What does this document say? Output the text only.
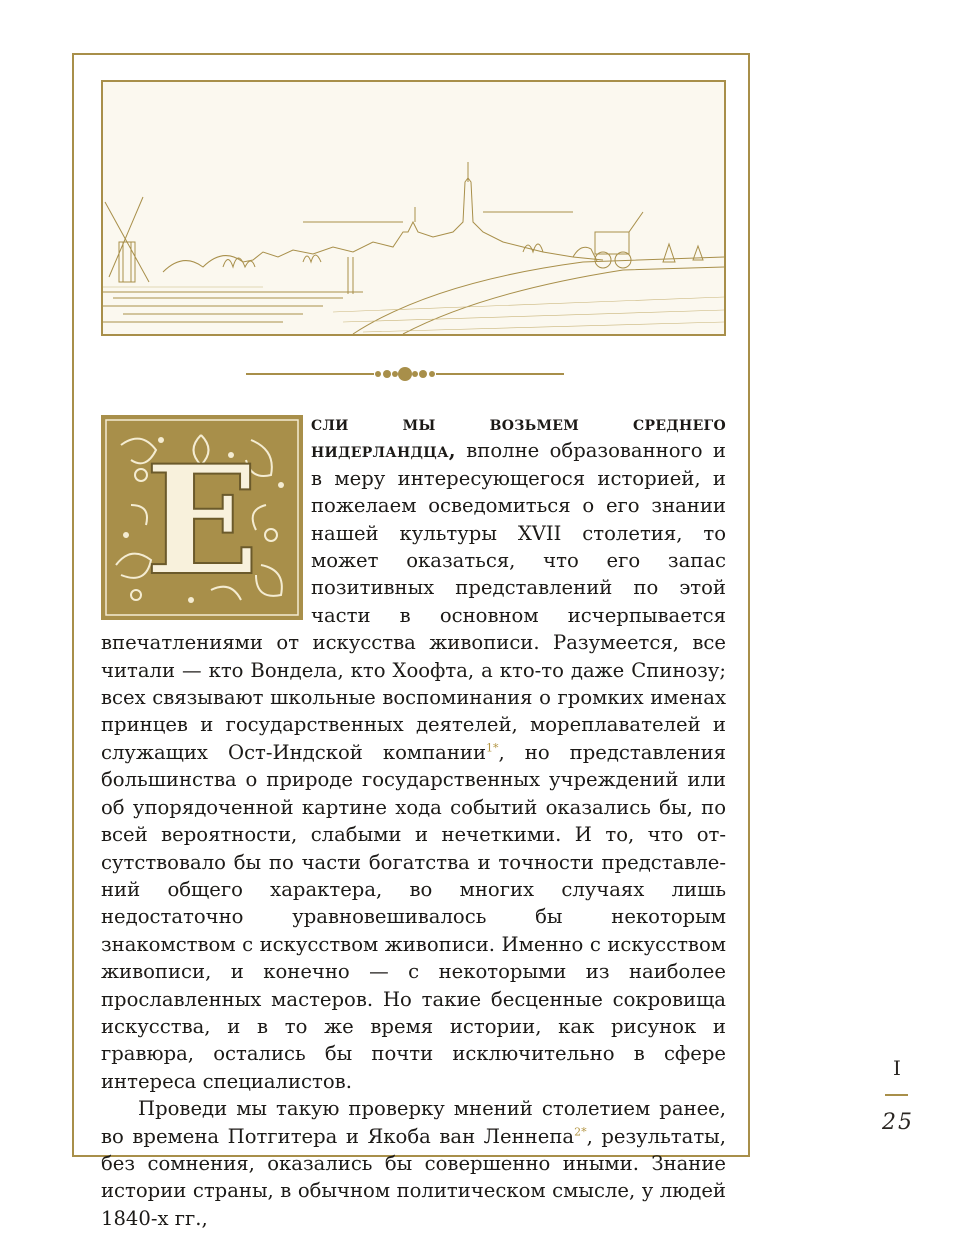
Е

сли мы возьмем среднего нидерландца, вполне образованного и в меру интересующегося историей, и пожелаем осведомиться о его знании нашей культуры XVII столетия, то может оказаться, что его запас позитивных представлений по этой части в основном исчерпывается впечатлениями от искусства живописи. Разумеется, все читали — кто Вондела, кто Хоофта, а кто-то даже Спинозу; всех связывают школьные воспоминания о громких именах принцев и государственных деятелей, мореплавателей и служащих Ост-Индской компании$^{1*}$, но представления большинства о природе государственных учреждений или об упорядоченной картине хода событий оказались бы, по всей вероятности, слабыми и нечеткими. И то, что отсутствовало бы по части богатства и точности представлений общего характера, во многих случаях лишь недостаточно уравновешивалось бы некоторым знакомством с искусством живописи. Именно с искусством живописи, и конечно — с некоторыми из наиболее прославленных мастеров. Но такие бесценные сокровища искусства, и в то же время истории, как рисунок и гравюра, остались бы почти исключительно в сфере интереса специалистов.

Проведи мы такую проверку мнений столетием ранее, во времена Потгитера и Якоба ван Леннепа$^{2*}$, результаты, без сомнения, оказались бы совершенно иными. Знание истории страны, в обычном политическом смысле, у людей 1840-х гг.,

I
25
